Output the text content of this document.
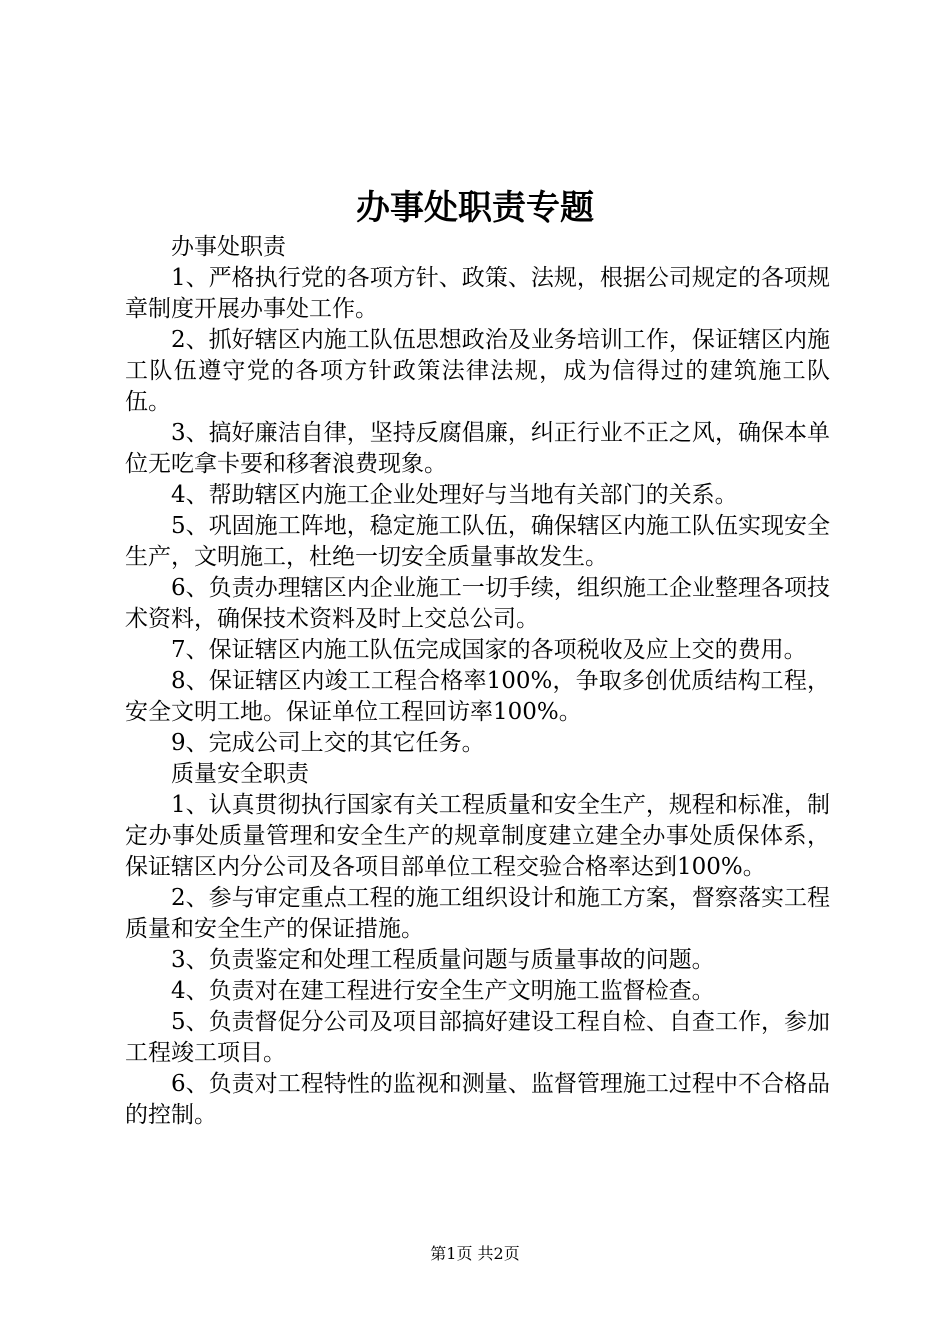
办事处职责专题

办事处职责

1、严格执行党的各项方针、政策、法规，根据公司规定的各项规章制度开展办事处工作。

2、抓好辖区内施工队伍思想政治及业务培训工作，保证辖区内施工队伍遵守党的各项方针政策法律法规，成为信得过的建筑施工队伍。

3、搞好廉洁自律，坚持反腐倡廉，纠正行业不正之风，确保本单位无吃拿卡要和移奢浪费现象。

4、帮助辖区内施工企业处理好与当地有关部门的关系。

5、巩固施工阵地，稳定施工队伍，确保辖区内施工队伍实现安全生产，文明施工，杜绝一切安全质量事故发生。

6、负责办理辖区内企业施工一切手续，组织施工企业整理各项技术资料，确保技术资料及时上交总公司。

7、保证辖区内施工队伍完成国家的各项税收及应上交的费用。

8、保证辖区内竣工工程合格率100%，争取多创优质结构工程，安全文明工地。保证单位工程回访率100%。

9、完成公司上交的其它任务。

质量安全职责

1、认真贯彻执行国家有关工程质量和安全生产，规程和标准，制定办事处质量管理和安全生产的规章制度建立建全办事处质保体系，保证辖区内分公司及各项目部单位工程交验合格率达到100%。

2、参与审定重点工程的施工组织设计和施工方案，督察落实工程质量和安全生产的保证措施。

3、负责鉴定和处理工程质量问题与质量事故的问题。

4、负责对在建工程进行安全生产文明施工监督检查。

5、负责督促分公司及项目部搞好建设工程自检、自查工作，参加工程竣工项目。

6、负责对工程特性的监视和测量、监督管理施工过程中不合格品的控制。

第1页 共2页
